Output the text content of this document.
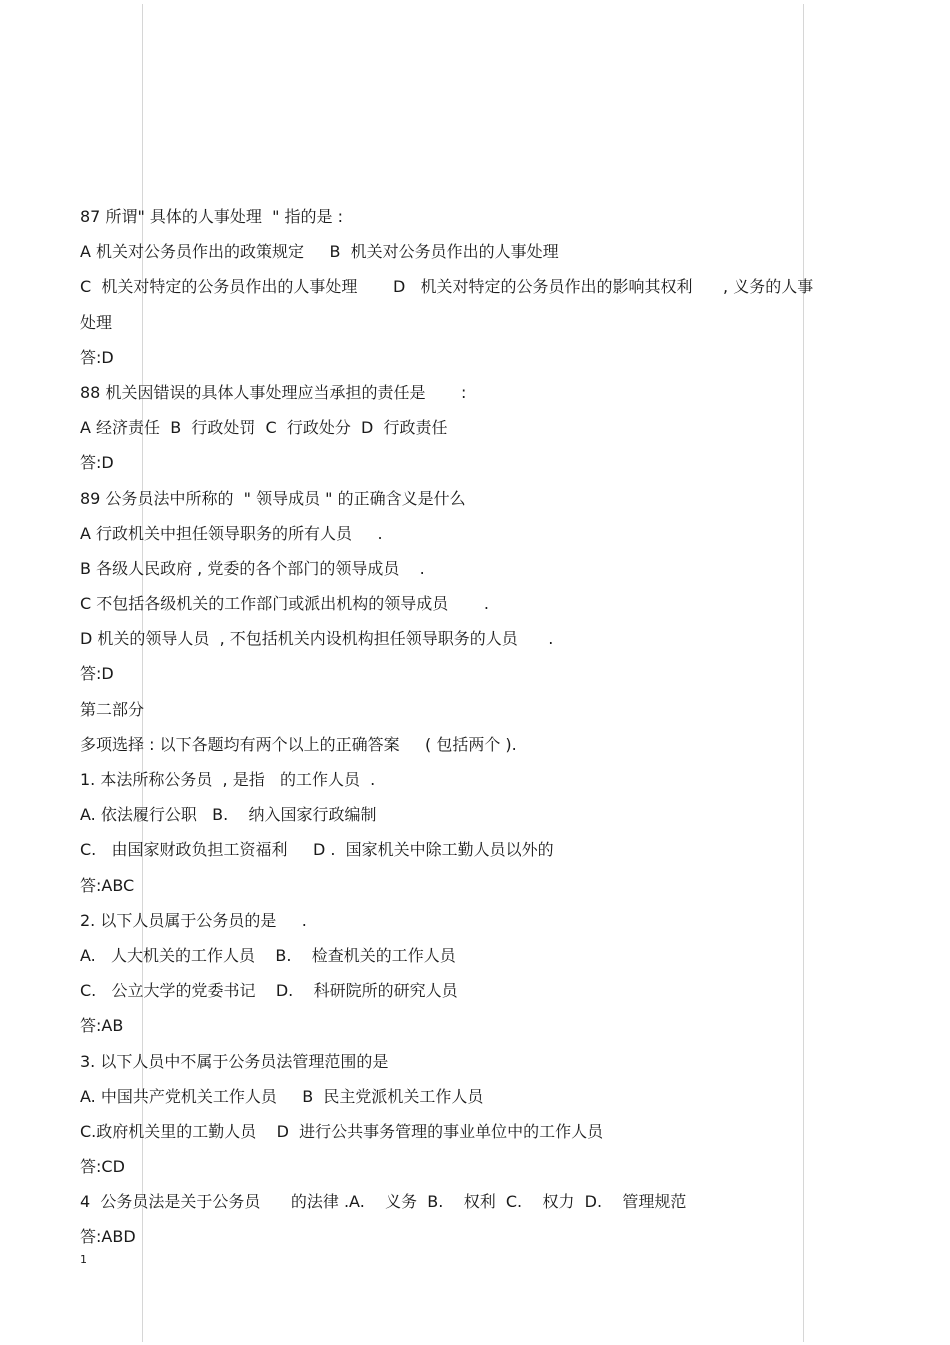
87 所谓" 具体的人事处理  " 指的是 :
A 机关对公务员作出的政策规定     B  机关对公务员作出的人事处理
C  机关对特定的公务员作出的人事处理       D   机关对特定的公务员作出的影响其权利      , 义务的人事
处理
答:D
88 机关因错误的具体人事处理应当承担的责任是       :
A 经济责任  B  行政处罚  C  行政处分  D  行政责任
答:D
89 公务员法中所称的  " 领导成员 " 的正确含义是什么
A 行政机关中担任领导职务的所有人员     .
B 各级人民政府 , 党委的各个部门的领导成员    .
C 不包括各级机关的工作部门或派出机构的领导成员       .
D 机关的领导人员  , 不包括机关内设机构担任领导职务的人员      .
答:D
第二部分
多项选择 : 以下各题均有两个以上的正确答案     ( 包括两个 ).
1. 本法所称公务员  , 是指   的工作人员  .
A. 依法履行公职   B.    纳入国家行政编制
C.   由国家财政负担工资福利     D .  国家机关中除工勤人员以外的
答:ABC
2. 以下人员属于公务员的是     .
A.   人大机关的工作人员    B.    检查机关的工作人员
C.   公立大学的党委书记    D.    科研院所的研究人员
答:AB
3. 以下人员中不属于公务员法管理范围的是
A. 中国共产党机关工作人员     B  民主党派机关工作人员
C.政府机关里的工勤人员    D  进行公共事务管理的事业单位中的工作人员
答:CD
4  公务员法是关于公务员      的法律 .A.    义务  B.    权利  C.    权力  D.    管理规范
答:ABD
1
